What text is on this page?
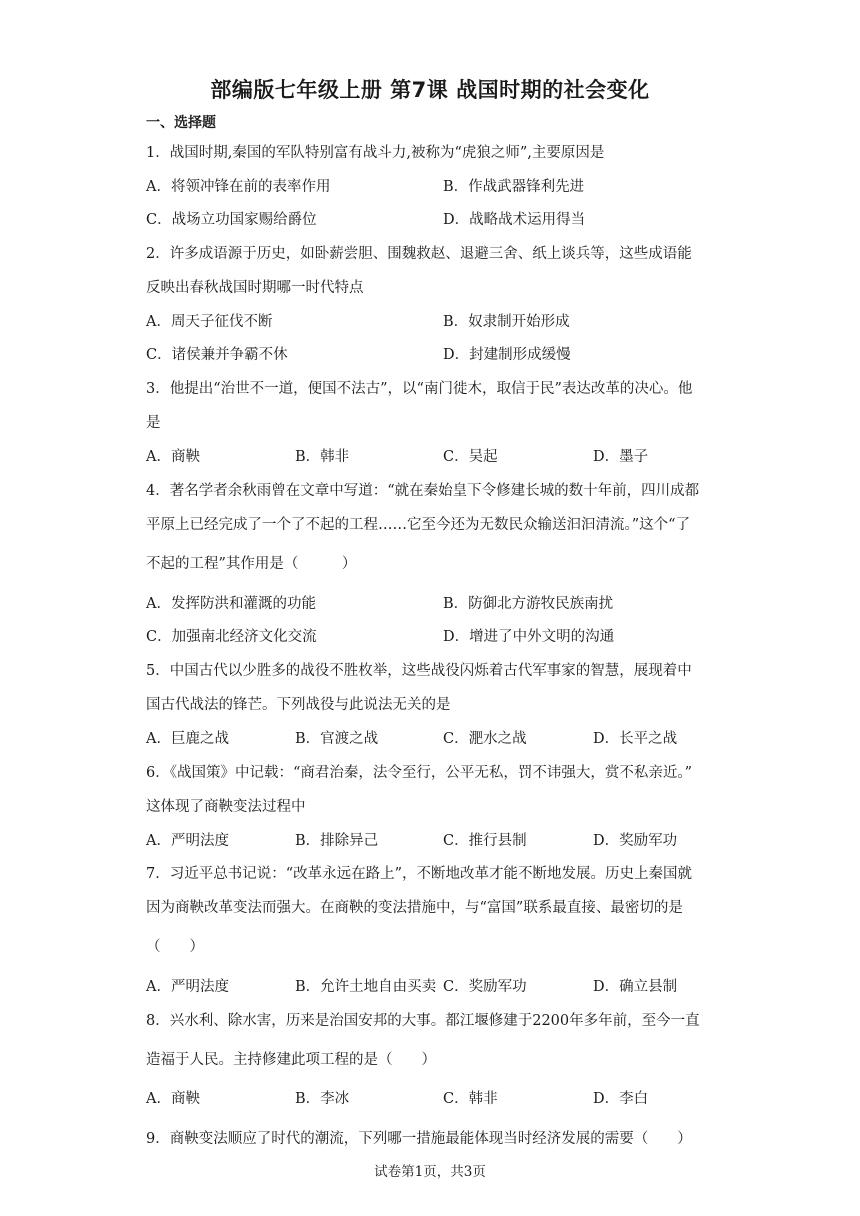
部编版七年级上册 第7课 战国时期的社会变化
一、选择题
1．战国时期,秦国的军队特别富有战斗力,被称为“虎狼之师”,主要原因是
A．将领冲锋在前的表率作用	B．作战武器锋利先进
C．战场立功国家赐给爵位	D．战略战术运用得当
2．许多成语源于历史，如卧薪尝胆、围魏救赵、退避三舍、纸上谈兵等，这些成语能
反映出春秋战国时期哪一时代特点
A．周天子征伐不断	B．奴隶制开始形成
C．诸侯兼并争霸不休	D．封建制形成缓慢
3．他提出“治世不一道，便国不法古”，以“南门徙木，取信于民”表达改革的决心。他
是
A．商鞅	B．韩非	C．吴起	D．墨子
4．著名学者余秋雨曾在文章中写道：“就在秦始皇下令修建长城的数十年前，四川成都
平原上已经完成了一个了不起的工程……它至今还为无数民众输送汩汩清流。”这个“了
不起的工程”其作用是（　　　）
A．发挥防洪和灌溉的功能	B．防御北方游牧民族南扰
C．加强南北经济文化交流	D．增进了中外文明的沟通
5．中国古代以少胜多的战役不胜枚举，这些战役闪烁着古代军事家的智慧，展现着中
国古代战法的锋芒。下列战役与此说法无关的是
A．巨鹿之战	B．官渡之战	C．淝水之战	D．长平之战
6．《战国策》中记载：“商君治秦，法令至行，公平无私，罚不讳强大，赏不私亲近。”
这体现了商鞅变法过程中
A．严明法度	B．排除异己	C．推行县制	D．奖励军功
7．习近平总书记说：“改革永远在路上”，不断地改革才能不断地发展。历史上秦国就
因为商鞅改革变法而强大。在商鞅的变法措施中，与“富国”联系最直接、最密切的是
（　　）
A．严明法度	B．允许土地自由买卖 C．奖励军功	D．确立县制
8．兴水利、除水害，历来是治国安邦的大事。都江堰修建于2200年多年前，至今一直
造福于人民。主持修建此项工程的是（　　）
A．商鞅	B．李冰	C．韩非	D．李白
9．商鞅变法顺应了时代的潮流，下列哪一措施最能体现当时经济发展的需要（　　）
试卷第1页，共3页
